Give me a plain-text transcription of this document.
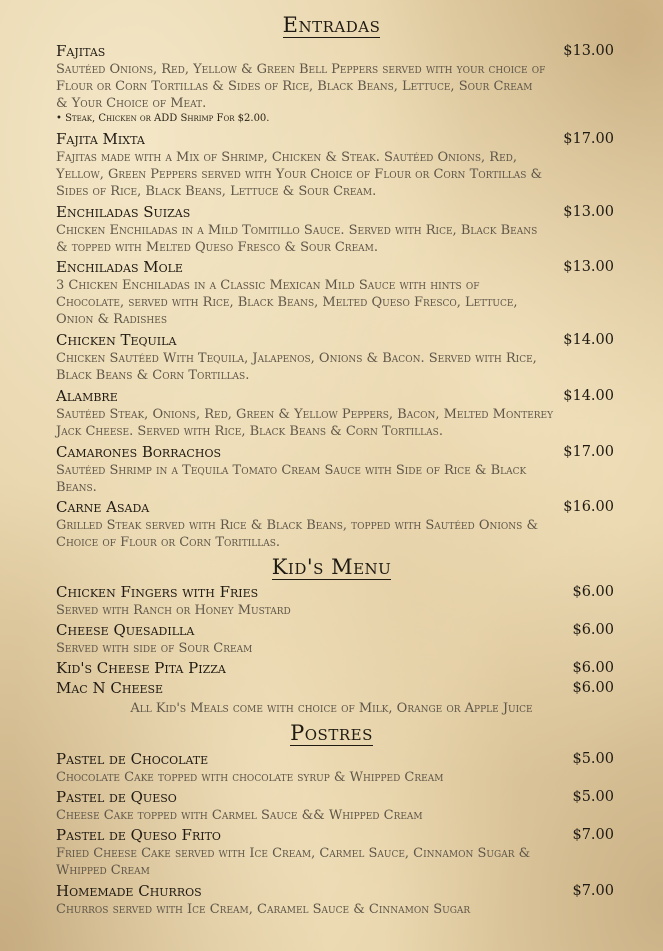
Entradas
Fajitas	$13.00
Sautéed Onions, Red, Yellow & Green Bell Peppers served with your choice of Flour or Corn Tortillas & Sides of Rice, Black Beans, Lettuce, Sour Cream & Your Choice of Meat.
• Steak, Chicken or ADD Shrimp For $2.00.
Fajita Mixta	$17.00
Fajitas made with a Mix of Shrimp, Chicken & Steak. Sautéed Onions, Red, Yellow, Green Peppers served with Your Choice of Flour or Corn Tortillas & Sides of Rice, Black Beans, Lettuce & Sour Cream.
Enchiladas Suizas	$13.00
Chicken Enchiladas in a Mild Tomitillo Sauce. Served with Rice, Black Beans & topped with Melted Queso Fresco & Sour Cream.
Enchiladas Mole	$13.00
3 Chicken Enchiladas in a Classic Mexican Mild Sauce with hints of Chocolate, served with Rice, Black Beans, Melted Queso Fresco, Lettuce, Onion & Radishes
Chicken Tequila	$14.00
Chicken Sautéed With Tequila, Jalapenos, Onions & Bacon. Served with Rice, Black Beans & Corn Tortillas.
Alambre	$14.00
Sautéed Steak, Onions, Red, Green & Yellow Peppers, Bacon, Melted Monterey Jack Cheese. Served with Rice, Black Beans & Corn Tortillas.
Camarones Borrachos	$17.00
Sautéed Shrimp in a Tequila Tomato Cream Sauce with Side of Rice & Black Beans.
Carne Asada	$16.00
Grilled Steak served with Rice & Black Beans, topped with Sautéed Onions & Choice of Flour or Corn Toritillas.
Kid's Menu
Chicken Fingers with Fries	$6.00
Served with Ranch or Honey Mustard
Cheese Quesadilla	$6.00
Served with side of Sour Cream
Kid's Cheese Pita Pizza	$6.00
Mac N Cheese	$6.00
All Kid's Meals come with choice of Milk, Orange or Apple Juice
Postres
Pastel de Chocolate	$5.00
Chocolate Cake topped with chocolate syrup & Whipped Cream
Pastel de Queso	$5.00
Cheese Cake topped with Carmel Sauce && Whipped Cream
Pastel de Queso Frito	$7.00
Fried Cheese Cake served with Ice Cream, Carmel Sauce, Cinnamon Sugar & Whipped Cream
Homemade Churros	$7.00
Churros served with Ice Cream, Caramel Sauce & Cinnamon Sugar
